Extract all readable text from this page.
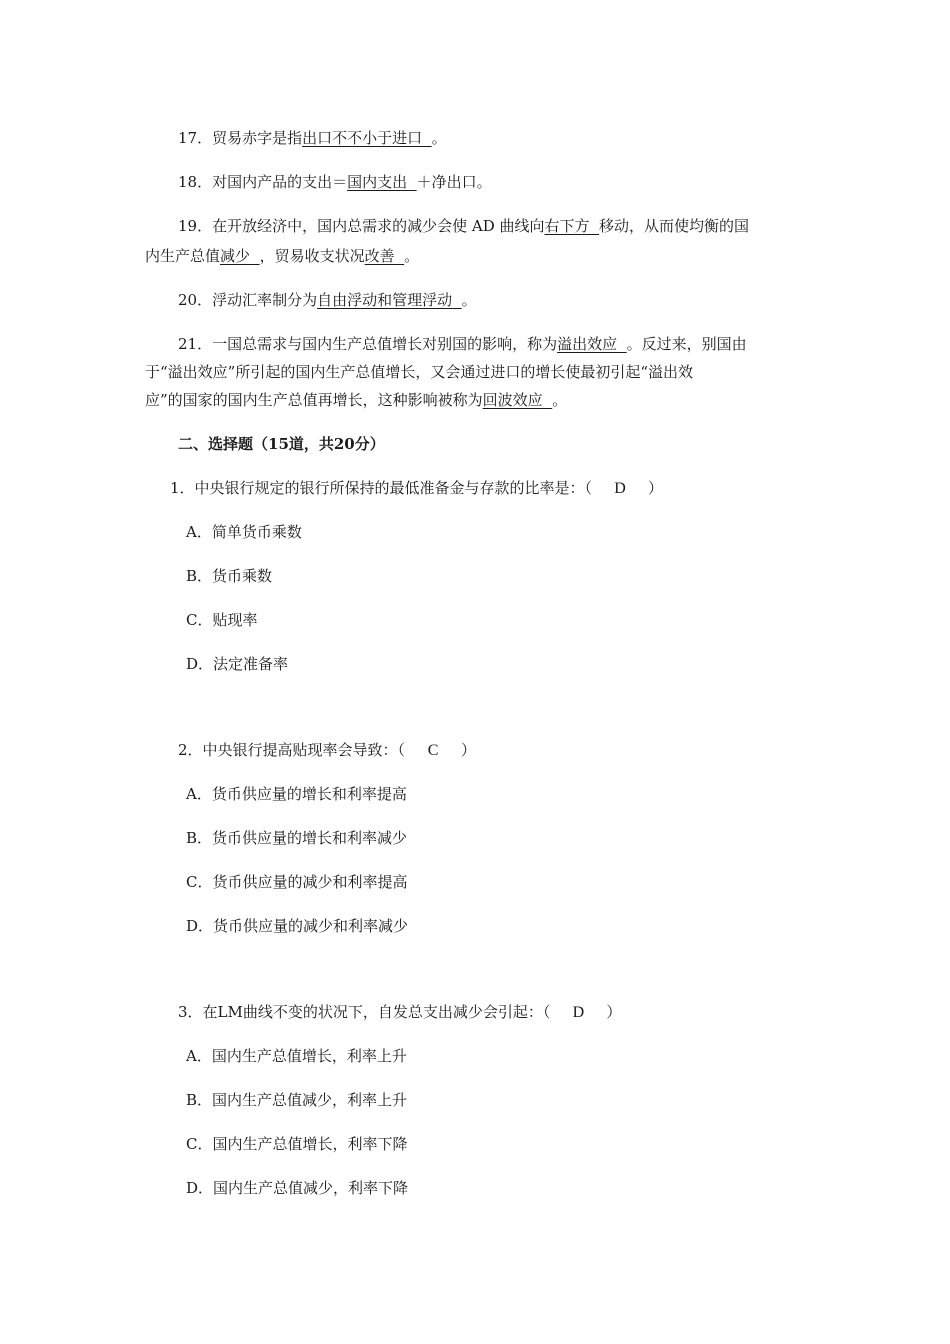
17．贸易赤字是指出口不不小于进口 。
18．对国内产品的支出＝国内支出 ＋净出口。
19．在开放经济中，国内总需求的减少会使 AD 曲线向右下方 移动，从而使均衡的国
内生产总值减少 ，贸易收支状况改善 。
20．浮动汇率制分为自由浮动和管理浮动 。
21．一国总需求与国内生产总值增长对别国的影响，称为溢出效应 。反过来，别国由
于“溢出效应”所引起的国内生产总值增长，又会通过进口的增长使最初引起“溢出效
应”的国家的国内生产总值再增长，这种影响被称为回波效应 。
二、选择题（15道，共20分）
1．中央银行规定的银行所保持的最低准备金与存款的比率是：（ D ）
A．简单货币乘数
B．货币乘数
C．贴现率
D．法定准备率
2．中央银行提高贴现率会导致：（ C ）
A．货币供应量的增长和利率提高
B．货币供应量的增长和利率减少
C．货币供应量的减少和利率提高
D．货币供应量的减少和利率减少
3．在LM曲线不变的状况下，自发总支出减少会引起：（ D ）
A．国内生产总值增长，利率上升
B．国内生产总值减少，利率上升
C．国内生产总值增长，利率下降
D．国内生产总值减少，利率下降
